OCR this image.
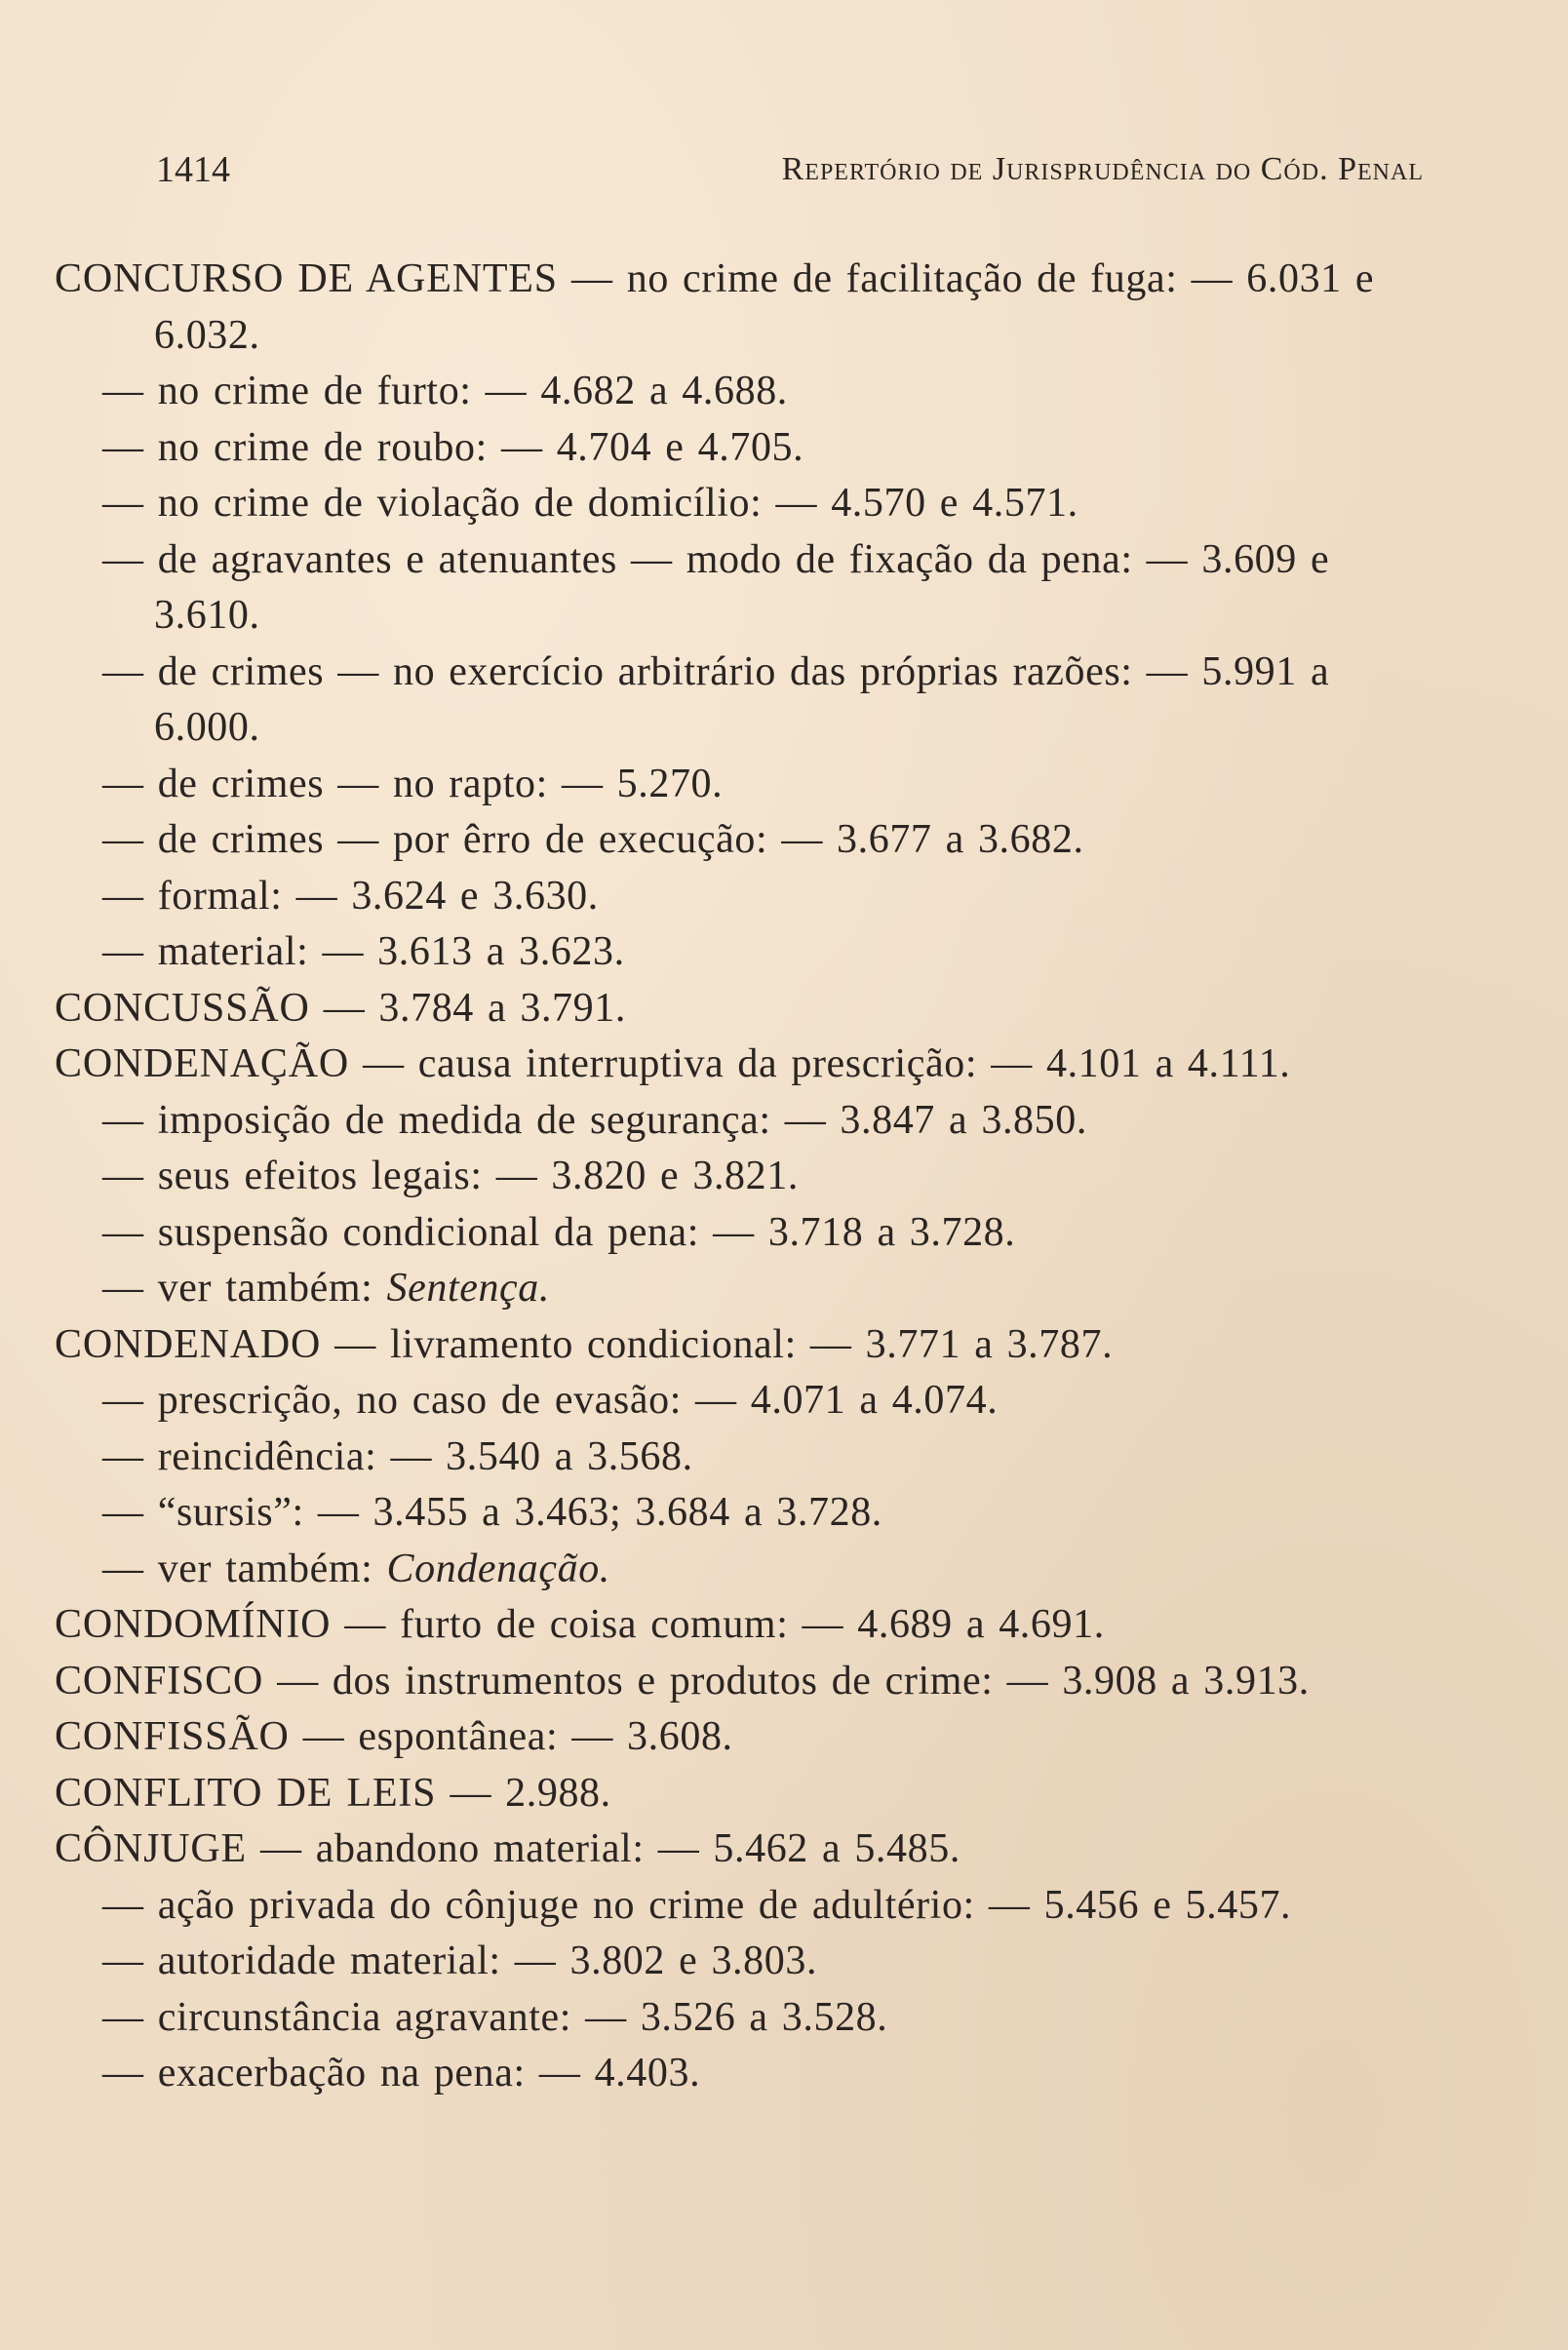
1414	Repertório de Jurisprudência do Cód. Penal
CONCURSO DE AGENTES — no crime de facilitação de fuga: — 6.031 e 6.032.
— no crime de furto: — 4.682 a 4.688.
— no crime de roubo: — 4.704 e 4.705.
— no crime de violação de domicílio: — 4.570 e 4.571.
— de agravantes e atenuantes — modo de fixação da pena: — 3.609 e 3.610.
— de crimes — no exercício arbitrário das próprias razões: — 5.991 a 6.000.
— de crimes — no rapto: — 5.270.
— de crimes — por êrro de execução: — 3.677 a 3.682.
— formal: — 3.624 e 3.630.
— material: — 3.613 a 3.623.
CONCUSSÃO — 3.784 a 3.791.
CONDENAÇÃO — causa interruptiva da prescrição: — 4.101 a 4.111.
— imposição de medida de segurança: — 3.847 a 3.850.
— seus efeitos legais: — 3.820 e 3.821.
— suspensão condicional da pena: — 3.718 a 3.728.
— ver também: Sentença.
CONDENADO — livramento condicional: — 3.771 a 3.787.
— prescrição, no caso de evasão: — 4.071 a 4.074.
— reincidência: — 3.540 a 3.568.
— “sursis”: — 3.455 a 3.463; 3.684 a 3.728.
— ver também: Condenação.
CONDOMÍNIO — furto de coisa comum: — 4.689 a 4.691.
CONFISCO — dos instrumentos e produtos de crime: — 3.908 a 3.913.
CONFISSÃO — espontânea: — 3.608.
CONFLITO DE LEIS — 2.988.
CÔNJUGE — abandono material: — 5.462 a 5.485.
— ação privada do cônjuge no crime de adultério: — 5.456 e 5.457.
— autoridade material: — 3.802 e 3.803.
— circunstância agravante: — 3.526 a 3.528.
— exacerbação na pena: — 4.403.
